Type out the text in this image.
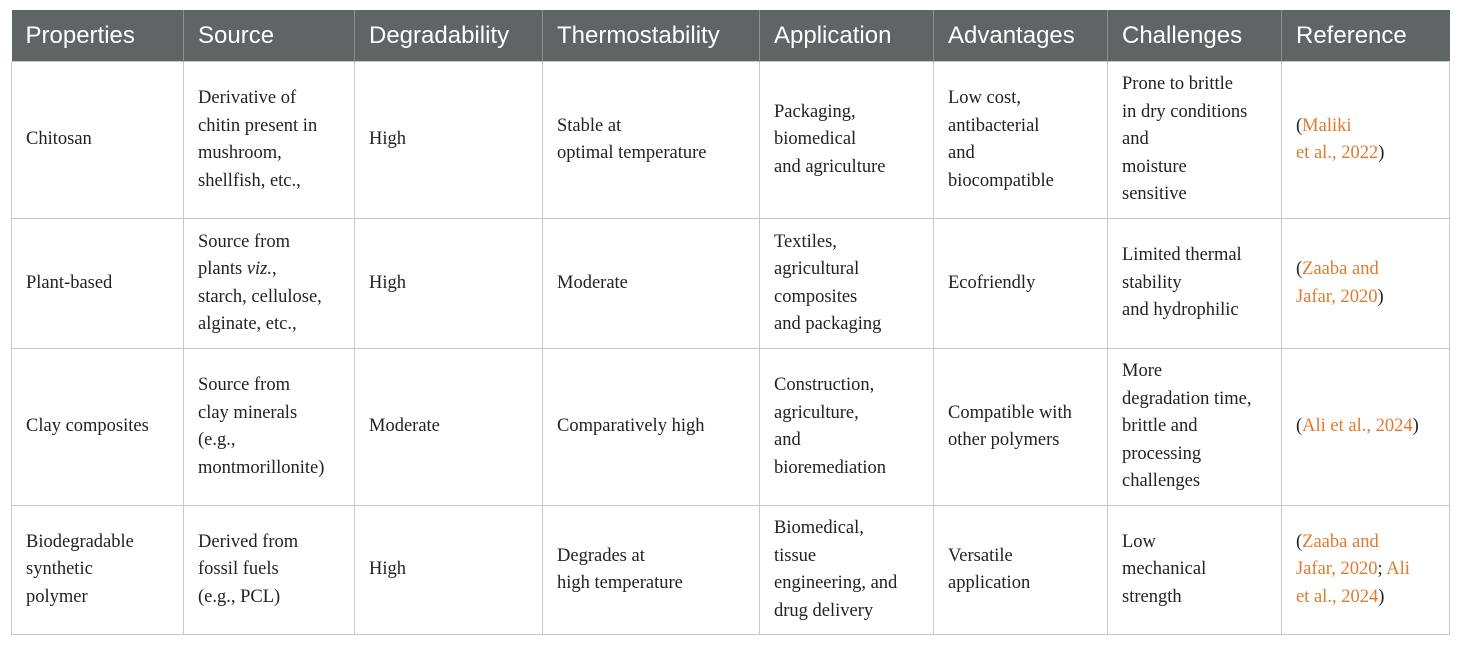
Properties	Source	Degradability	Thermostability	Application	Advantages	Challenges	Reference

Chitosan	Derivative of
chitin present in
mushroom,
shellfish, etc.,	High	Stable at
optimal temperature	Packaging,
biomedical
and agriculture	Low cost,
antibacterial
and
biocompatible	Prone to brittle
in dry conditions
and
moisture
sensitive	(Maliki
et al., 2022)

Plant-based	Source from
plants viz.,
starch, cellulose,
alginate, etc.,	High	Moderate	Textiles,
agricultural
composites
and packaging	Ecofriendly	Limited thermal
stability
and hydrophilic	(Zaaba and
Jafar, 2020)

Clay composites	Source from
clay minerals
(e.g.,
montmorillonite)	Moderate	Comparatively high	Construction,
agriculture,
and
bioremediation	Compatible with
other polymers	More
degradation time,
brittle and
processing
challenges	(Ali et al., 2024)

Biodegradable
synthetic
polymer	Derived from
fossil fuels
(e.g., PCL)	High	Degrades at
high temperature	Biomedical,
tissue
engineering, and
drug delivery	Versatile
application	Low
mechanical
strength	(Zaaba and
Jafar, 2020; Ali
et al., 2024)
